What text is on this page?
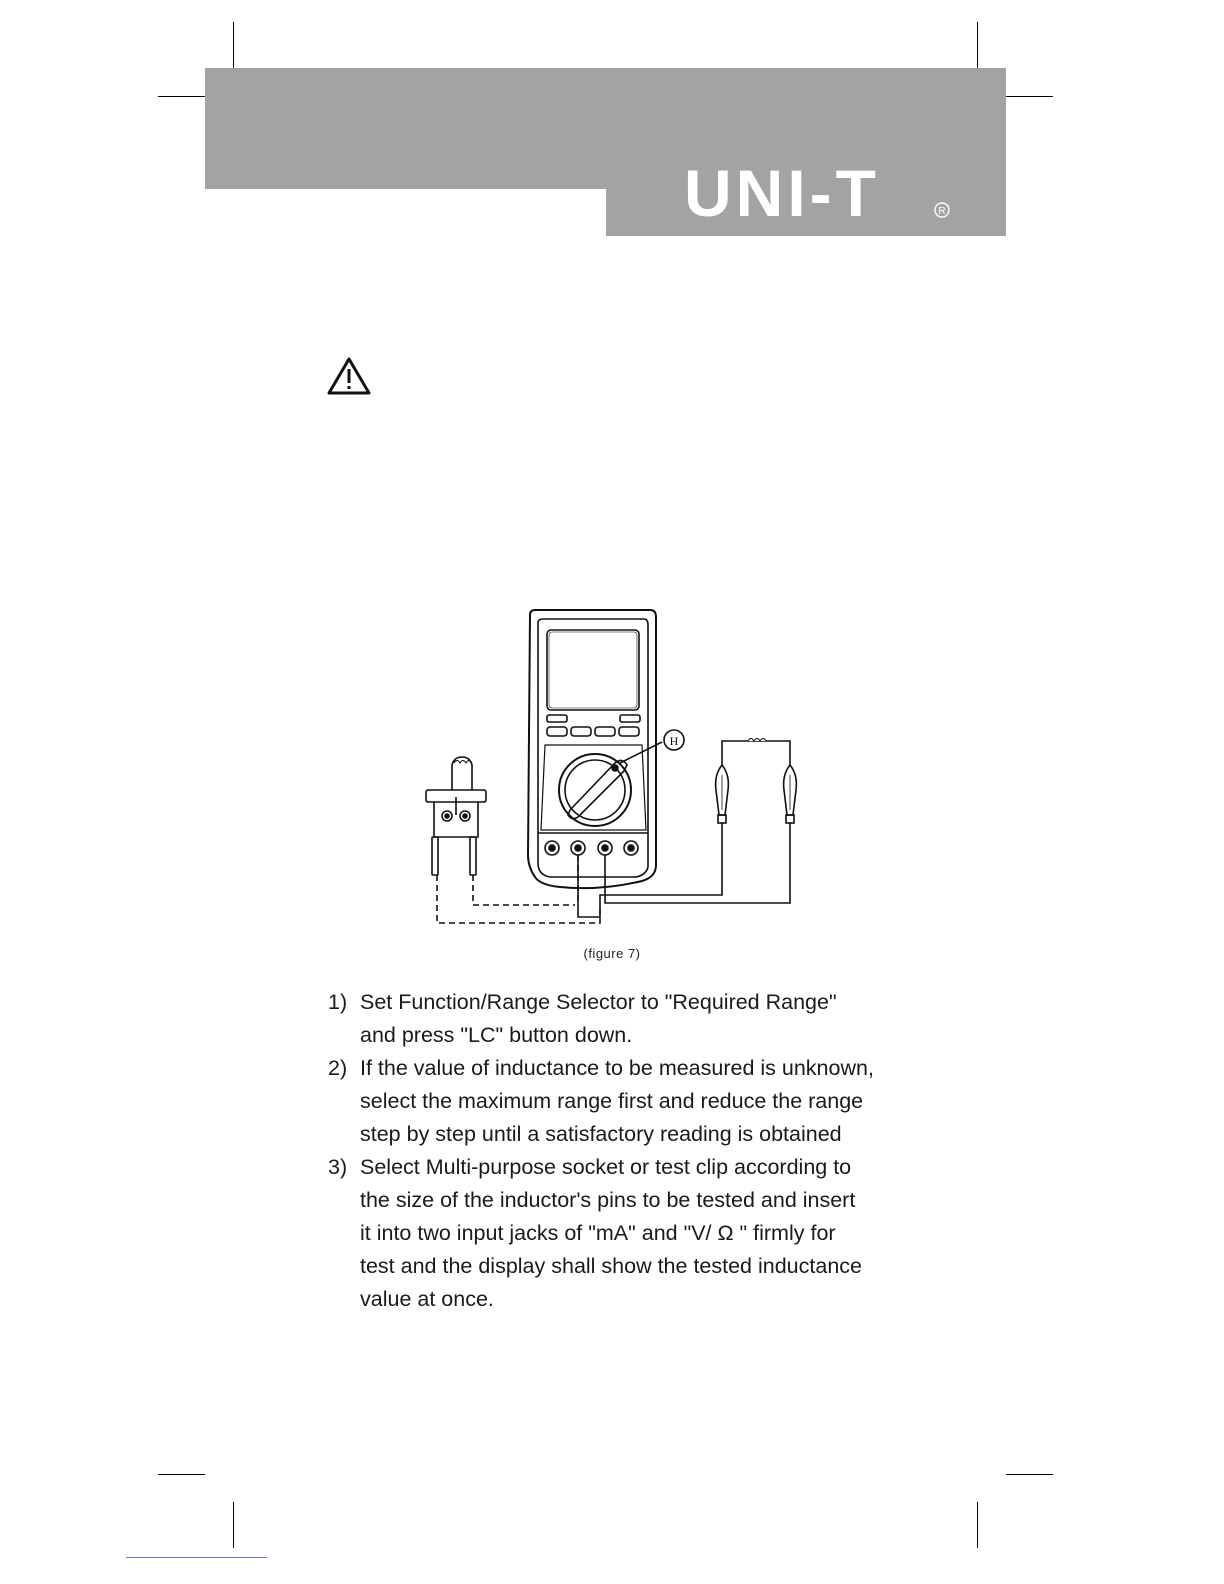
UNI-T	R
H
(figure 7)
1) Set Function/Range Selector to "Required Range"
and press "LC" button down.
2) If the value of inductance to be measured is unknown,
select the maximum range first and reduce the range
step by step until a satisfactory reading is obtained
3) Select Multi-purpose socket or test clip according to
the size of the inductor's pins to be tested and insert
it into two input jacks of "mA" and "V/ Ω " firmly for
test and the display shall show the tested inductance
value at once.
